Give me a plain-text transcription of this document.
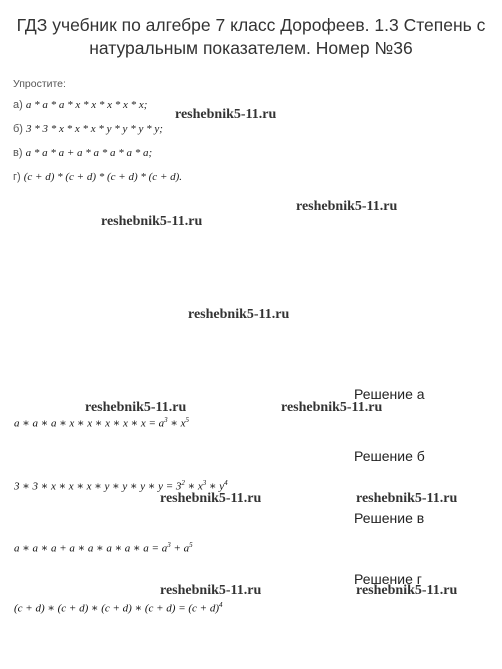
ГДЗ учебник по алгебре 7 класс Дорофеев. 1.3 Степень с
натуральным показателем. Номер №36
Упростите:
а) a * a * a * x * x * x * x * x;
б) 3 * 3 * x * x * x * y * y * y * y;
в) a * a * a + a * a * a * a * a;
г) (c + d) * (c + d) * (c + d) * (c + d).
reshebnik5-11.ru
reshebnik5-11.ru
reshebnik5-11.ru
reshebnik5-11.ru
reshebnik5-11.ru	reshebnik5-11.ru
reshebnik5-11.ru	reshebnik5-11.ru
reshebnik5-11.ru	reshebnik5-11.ru
Решение а
a ∗ a ∗ a ∗ x ∗ x ∗ x ∗ x ∗ $x = a^3$ ∗ $x^5$
Решение б
3 ∗ 3 ∗ x ∗ x ∗ x ∗ y ∗ y ∗ y ∗ $y = 3^2$ ∗ $x^3$ ∗ $y^4$
Решение в
a ∗ a ∗ a + a ∗ a ∗ a ∗ a ∗ $a = a^3 + a^5$
Решение г
(c + d) ∗ (c + d) ∗ (c + d) ∗ $(c + d) = (c + d)^4$
